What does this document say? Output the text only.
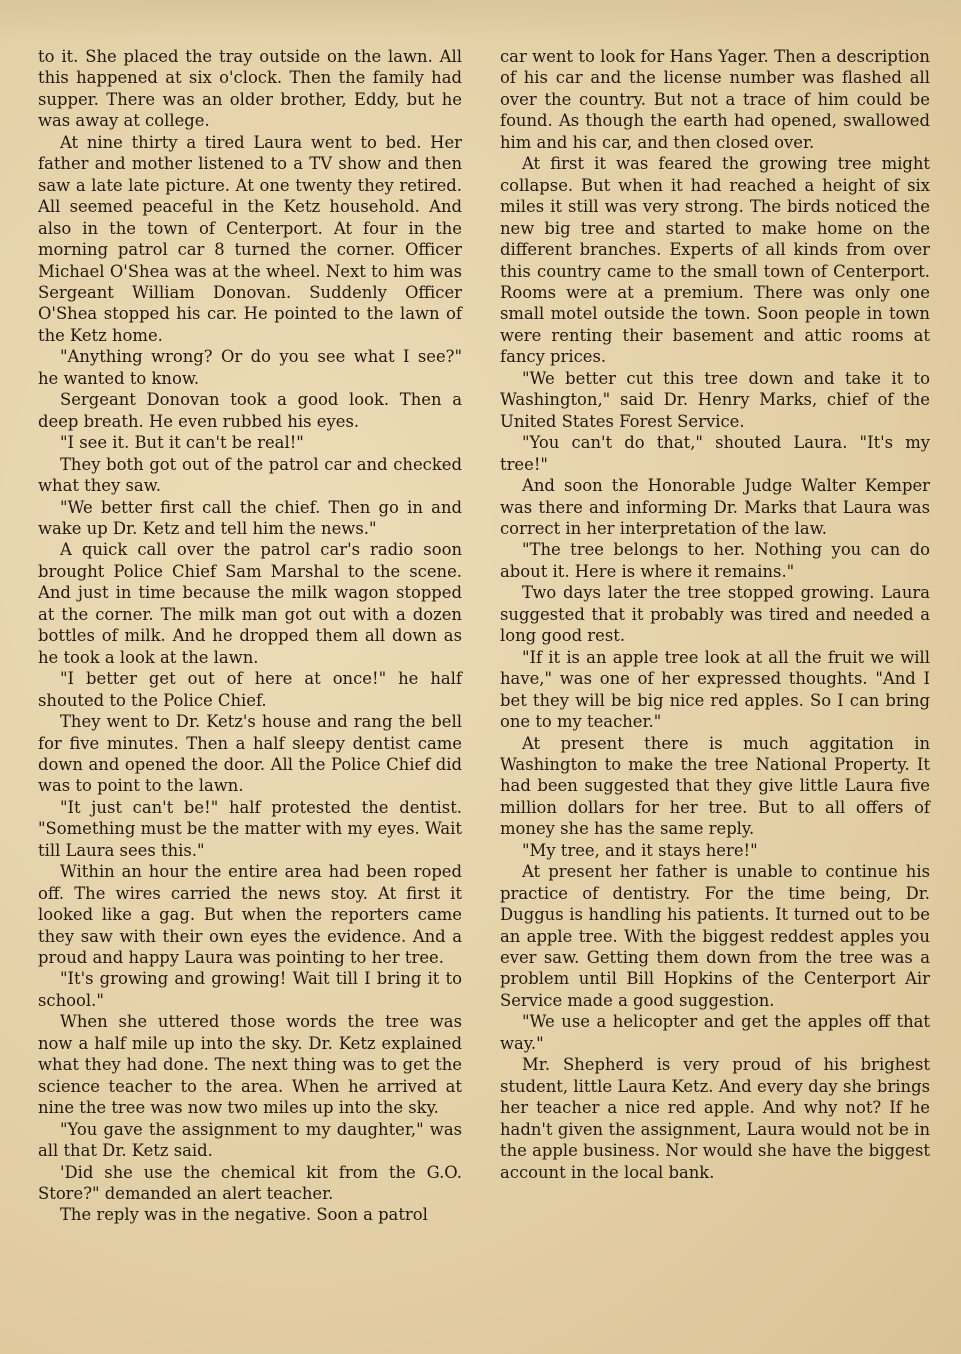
to it. She placed the tray outside on the lawn. All this happened at six o'clock. Then the family had supper. There was an older brother, Eddy, but he was away at college.

At nine thirty a tired Laura went to bed. Her father and mother listened to a TV show and then saw a late late picture. At one twenty they retired. All seemed peaceful in the Ketz household. And also in the town of Centerport. At four in the morning patrol car 8 turned the corner. Officer Michael O'Shea was at the wheel. Next to him was Sergeant William Donovan. Suddenly Officer O'Shea stopped his car. He pointed to the lawn of the Ketz home.

"Anything wrong? Or do you see what I see?" he wanted to know.

Sergeant Donovan took a good look. Then a deep breath. He even rubbed his eyes.

"I see it. But it can't be real!"

They both got out of the patrol car and checked what they saw.

"We better first call the chief. Then go in and wake up Dr. Ketz and tell him the news."

A quick call over the patrol car's radio soon brought Police Chief Sam Marshal to the scene. And just in time because the milk wagon stopped at the corner. The milk man got out with a dozen bottles of milk. And he dropped them all down as he took a look at the lawn.

"I better get out of here at once!" he half shouted to the Police Chief.

They went to Dr. Ketz's house and rang the bell for five minutes. Then a half sleepy dentist came down and opened the door. All the Police Chief did was to point to the lawn.

"It just can't be!" half protested the dentist. "Something must be the matter with my eyes. Wait till Laura sees this."

Within an hour the entire area had been roped off. The wires carried the news stoy. At first it looked like a gag. But when the reporters came they saw with their own eyes the evidence. And a proud and happy Laura was pointing to her tree.

"It's growing and growing! Wait till I bring it to school."

When she uttered those words the tree was now a half mile up into the sky. Dr. Ketz explained what they had done. The next thing was to get the science teacher to the area. When he arrived at nine the tree was now two miles up into the sky.

"You gave the assignment to my daughter," was all that Dr. Ketz said.

'Did she use the chemical kit from the G.O. Store?" demanded an alert teacher.

The reply was in the negative. Soon a patrol

car went to look for Hans Yager. Then a description of his car and the license number was flashed all over the country. But not a trace of him could be found. As though the earth had opened, swallowed him and his car, and then closed over.

At first it was feared the growing tree might collapse. But when it had reached a height of six miles it still was very strong. The birds noticed the new big tree and started to make home on the different branches. Experts of all kinds from over this country came to the small town of Centerport. Rooms were at a premium. There was only one small motel outside the town. Soon people in town were renting their basement and attic rooms at fancy prices.

"We better cut this tree down and take it to Washington," said Dr. Henry Marks, chief of the United States Forest Service.

"You can't do that," shouted Laura. "It's my tree!"

And soon the Honorable Judge Walter Kemper was there and informing Dr. Marks that Laura was correct in her interpretation of the law.

"The tree belongs to her. Nothing you can do about it. Here is where it remains."

Two days later the tree stopped growing. Laura suggested that it probably was tired and needed a long good rest.

"If it is an apple tree look at all the fruit we will have," was one of her expressed thoughts. "And I bet they will be big nice red apples. So I can bring one to my teacher."

At present there is much aggitation in Washington to make the tree National Property. It had been suggested that they give little Laura five million dollars for her tree. But to all offers of money she has the same reply.

"My tree, and it stays here!"

At present her father is unable to continue his practice of dentistry. For the time being, Dr. Duggus is handling his patients. It turned out to be an apple tree. With the biggest reddest apples you ever saw. Getting them down from the tree was a problem until Bill Hopkins of the Centerport Air Service made a good suggestion.

"We use a helicopter and get the apples off that way."

Mr. Shepherd is very proud of his brighest student, little Laura Ketz. And every day she brings her teacher a nice red apple. And why not? If he hadn't given the assignment, Laura would not be in the apple business. Nor would she have the biggest account in the local bank.
